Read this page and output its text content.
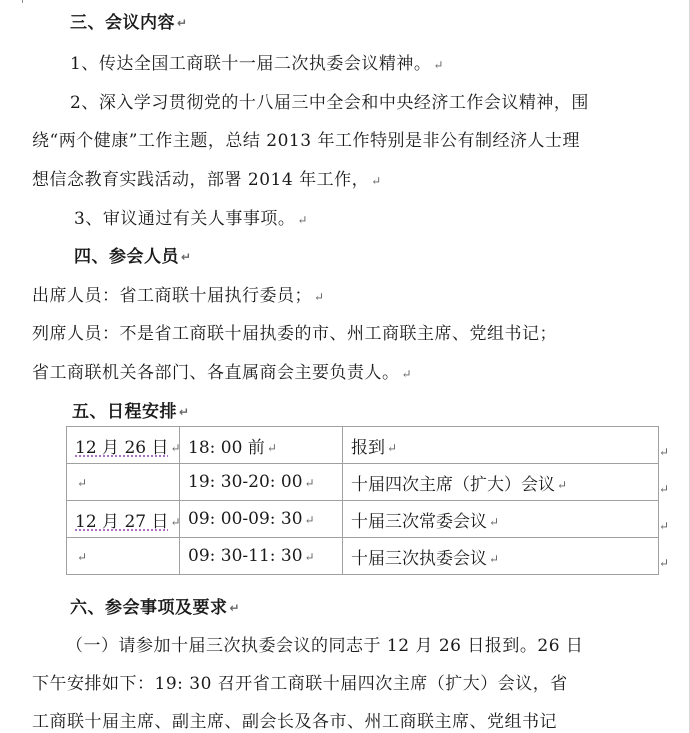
三、会议内容 ↵
1、传达全国工商联十一届二次执委会议精神。 ↵
2、深入学习贯彻党的十八届三中全会和中央经济工作会议精神，围
绕“两个健康”工作主题，总结 2013 年工作特别是非公有制经济人士理
想信念教育实践活动，部署 2014 年工作， ↵
3、审议通过有关人事事项。 ↵
四、参会人员 ↵
出席人员：省工商联十届执行委员； ↵
列席人员：不是省工商联十届执委的市、州工商联主席、党组书记；
省工商联机关各部门、各直属商会主要负责人。 ↵
五、日程安排 ↵
12 月 26 日 ↵	18: 00 前 ↵	报到 ↵
↵	19: 30-20: 00 ↵	十届四次主席（扩大）会议 ↵
12 月 27 日 ↵	09: 00-09: 30 ↵	十届三次常委会议 ↵
↵	09: 30-11: 30 ↵	十届三次执委会议 ↵
↵
↵
↵
↵
六、参会事项及要求 ↵
（一）请参加十届三次执委会议的同志于 12 月 26 日报到。26 日
下午安排如下：19: 30 召开省工商联十届四次主席（扩大）会议，省
工商联十届主席、副主席、副会长及各市、州工商联主席、党组书记
